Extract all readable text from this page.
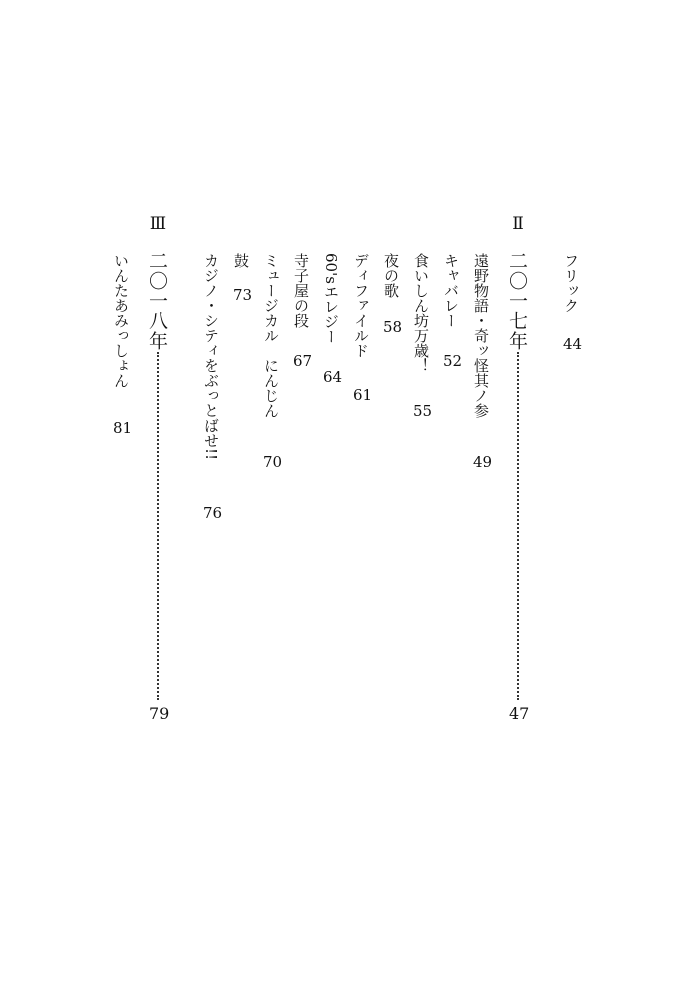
フリック
44
Ⅱ
二〇一七年
47
遠野物語・奇ッ怪其ノ参
49
キャバレー
52
食いしん坊万歳！
55
夜の歌
58
ディファイルド
61
60'sエレジー
64
寺子屋の段
67
ミュージカル　にんじん
70
鼓
73
カジノ・シティをぶっとばせ!!
76
Ⅲ
二〇一八年
79
いんたあみっしょん
81
